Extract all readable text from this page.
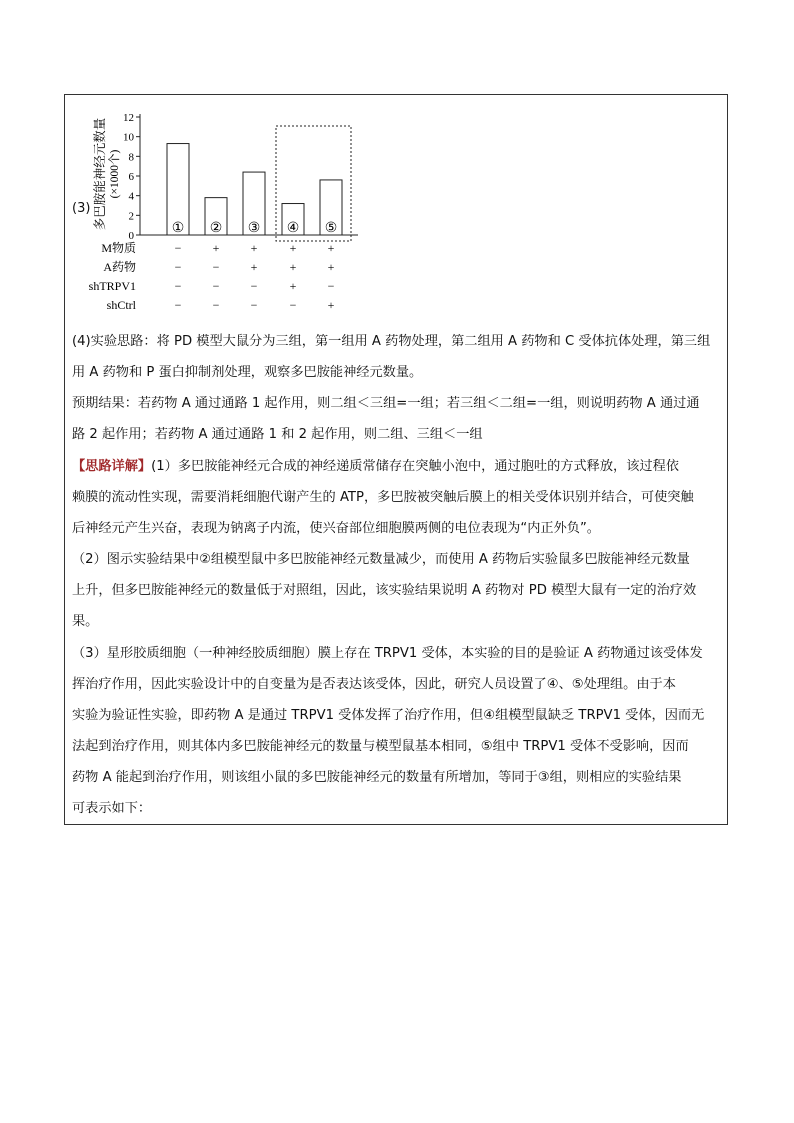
(3) 多巴胺能神经元数量 (×1000个)
0
2
4
6
8
10
12
① ② ③ ④ ⑤
M物质	−	+	+	+	+
A药物	−	−	+	+	+
shTRPV1	−	−	−	+	−
shCtrl	−	−	−	−	+

(4)实验思路：将 PD 模型大鼠分为三组，第一组用 A 药物处理，第二组用 A 药物和 C 受体抗体处理，第三组

用 A 药物和 P 蛋白抑制剂处理，观察多巴胺能神经元数量。

预期结果：若药物 A 通过通路 1 起作用，则二组＜三组=一组；若三组＜二组=一组，则说明药物 A 通过通

路 2 起作用；若药物 A 通过通路 1 和 2 起作用，则二组、三组＜一组

【思路详解】(1）多巴胺能神经元合成的神经递质常储存在突触小泡中，通过胞吐的方式释放，该过程依

赖膜的流动性实现，需要消耗细胞代谢产生的 ATP，多巴胺被突触后膜上的相关受体识别并结合，可使突触

后神经元产生兴奋，表现为钠离子内流，使兴奋部位细胞膜两侧的电位表现为“内正外负”。

（2）图示实验结果中②组模型鼠中多巴胺能神经元数量减少，而使用 A 药物后实验鼠多巴胺能神经元数量

上升，但多巴胺能神经元的数量低于对照组，因此，该实验结果说明 A 药物对 PD 模型大鼠有一定的治疗效

果。

（3）星形胶质细胞（一种神经胶质细胞）膜上存在 TRPV1 受体，本实验的目的是验证 A 药物通过该受体发

挥治疗作用，因此实验设计中的自变量为是否表达该受体，因此，研究人员设置了④、⑤处理组。由于本

实验为验证性实验，即药物 A 是通过 TRPV1 受体发挥了治疗作用，但④组模型鼠缺乏 TRPV1 受体，因而无

法起到治疗作用，则其体内多巴胺能神经元的数量与模型鼠基本相同，⑤组中 TRPV1 受体不受影响，因而

药物 A 能起到治疗作用，则该组小鼠的多巴胺能神经元的数量有所增加，等同于③组，则相应的实验结果

可表示如下：
